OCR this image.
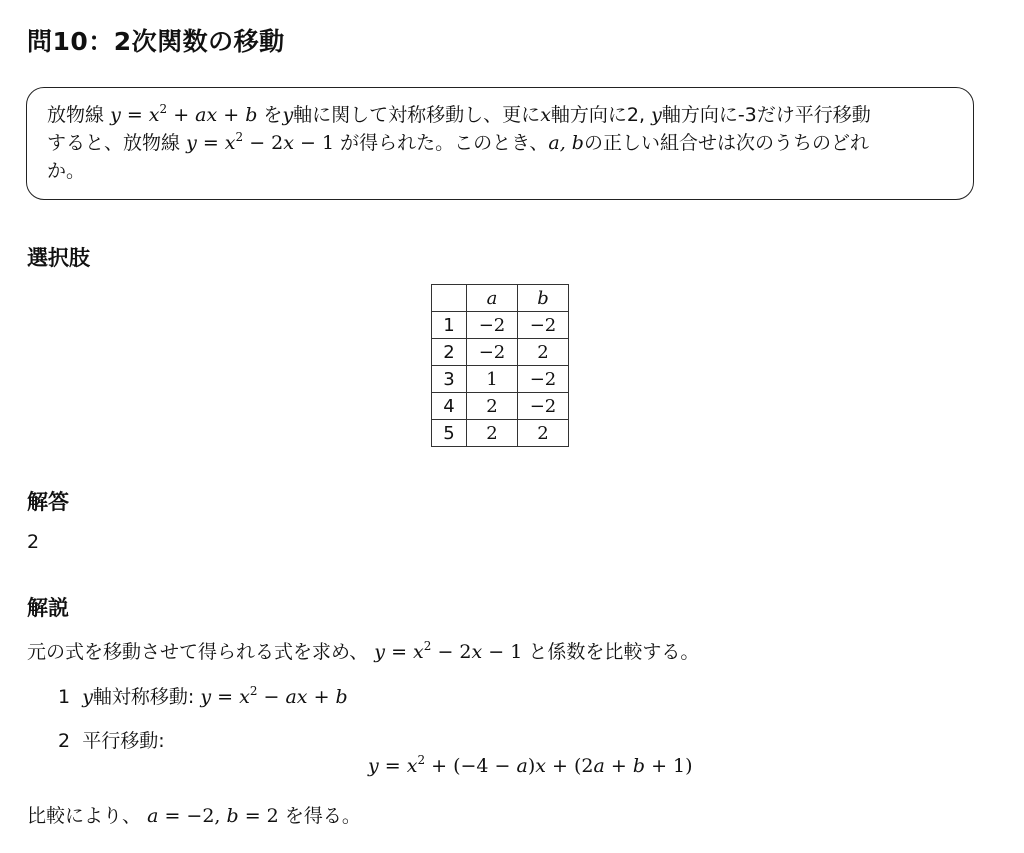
問10：2次関数の移動

放物線 $y = x^2$ + ax + b をy軸に関して対称移動し、更にx軸方向に2, y軸方向に-3だけ平行移動

すると、放物線 $y = x^2 - 2x - 1$ が得られた。このとき、a, bの正しい組合せは次のうちのどれ

か。

選択肢
	a	b
1	−2	−2
2	−2	2
3	1	−2
4	2	−2
5	2	2
解答
2
解説
元の式を移動させて得られる式を求め、 $y = x^2 - 2x - 1$ と係数を比較する。
1 y軸対称移動: $y = x^2$ − ax + b
2 平行移動:
$y = x^2 + (-4 - a)x + (2a + b + 1)$
比較により、 a = −2, b = 2 を得る。
